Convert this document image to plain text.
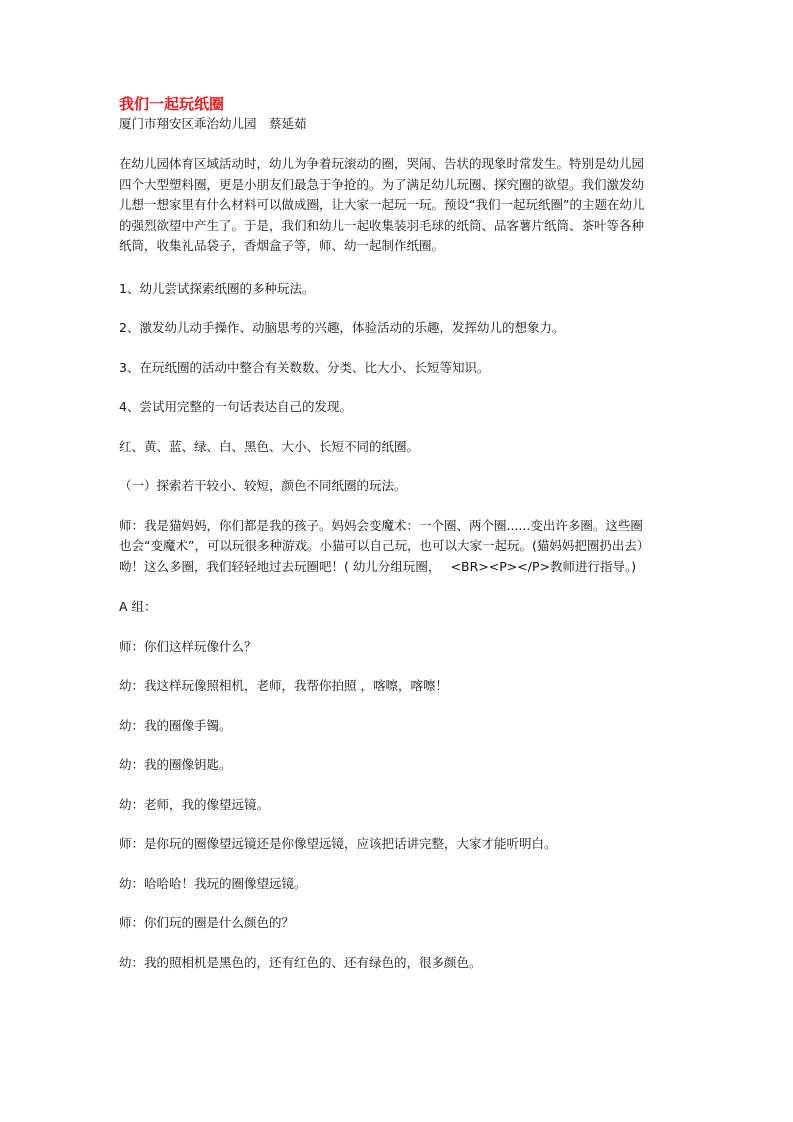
我们一起玩纸圈

厦门市翔安区乖治幼儿园　蔡延茹

在幼儿园体育区域活动时，幼儿为争着玩滚动的圈，哭闹、告状的现象时常发生。特别是幼儿园
四个大型塑料圈，更是小朋友们最急于争抢的。为了满足幼儿玩圈、探究圈的欲望。我们激发幼
儿想一想家里有什么材料可以做成圈，让大家一起玩一玩。预设“我们一起玩纸圈”的主题在幼儿
的强烈欲望中产生了。于是，我们和幼儿一起收集装羽毛球的纸筒、品客薯片纸筒、茶叶等各种
纸筒，收集礼品袋子，香烟盒子等，师、幼一起制作纸圈。

1、幼儿尝试探索纸圈的多种玩法。

2、激发幼儿动手操作、动脑思考的兴趣，体验活动的乐趣，发挥幼儿的想象力。

3、在玩纸圈的活动中整合有关数数、分类、比大小、长短等知识。

4、尝试用完整的一句话表达自己的发现。

红、黄、蓝、绿、白、黑色、大小、长短不同的纸圈。

（一）探索若干较小、较短，颜色不同纸圈的玩法。

师：我是猫妈妈，你们都是我的孩子。妈妈会变魔术：一个圈、两个圈......变出许多圈。这些圈
也会“变魔术”，可以玩很多种游戏。小猫可以自己玩，也可以大家一起玩。(猫妈妈把圈扔出去）
呦！这么多圈，我们轻轻地过去玩圈吧！( 幼儿分组玩圈，　 <BR><P></P>教师进行指导。)

A 组：

师：你们这样玩像什么？

幼：我这样玩像照相机，老师，我帮你拍照 ，喀嚓，喀嚓！

幼：我的圈像手镯。

幼：我的圈像钥匙。

幼：老师，我的像望远镜。

师：是你玩的圈像望远镜还是你像望远镜，应该把话讲完整，大家才能听明白。

幼：哈哈哈！我玩的圈像望远镜。

师：你们玩的圈是什么颜色的？

幼：我的照相机是黑色的，还有红色的、还有绿色的，很多颜色。
